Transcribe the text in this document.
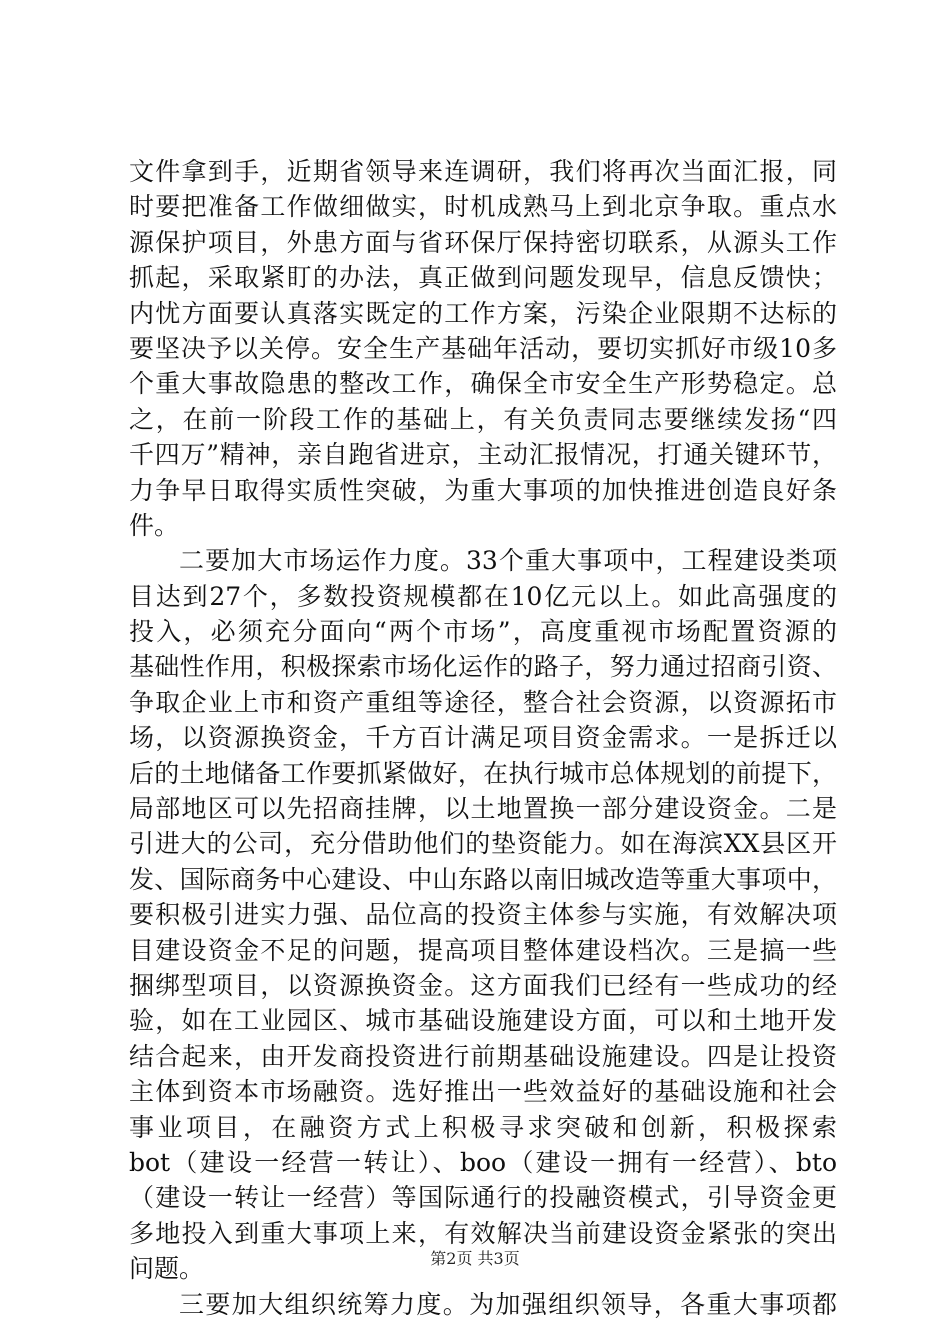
文件拿到手，近期省领导来连调研，我们将再次当面汇报，同
时要把准备工作做细做实，时机成熟马上到北京争取。重点水
源保护项目，外患方面与省环保厅保持密切联系，从源头工作
抓起，采取紧盯的办法，真正做到问题发现早，信息反馈快；
内忧方面要认真落实既定的工作方案，污染企业限期不达标的
要坚决予以关停。安全生产基础年活动，要切实抓好市级10多
个重大事故隐患的整改工作，确保全市安全生产形势稳定。总
之，在前一阶段工作的基础上，有关负责同志要继续发扬“四
千四万”精神，亲自跑省进京，主动汇报情况，打通关键环节，
力争早日取得实质性突破，为重大事项的加快推进创造良好条
件。
二要加大市场运作力度。33个重大事项中，工程建设类项
目达到27个，多数投资规模都在10亿元以上。如此高强度的
投入，必须充分面向“两个市场”，高度重视市场配置资源的
基础性作用，积极探索市场化运作的路子，努力通过招商引资、
争取企业上市和资产重组等途径，整合社会资源，以资源拓市
场，以资源换资金，千方百计满足项目资金需求。一是拆迁以
后的土地储备工作要抓紧做好，在执行城市总体规划的前提下，
局部地区可以先招商挂牌，以土地置换一部分建设资金。二是
引进大的公司，充分借助他们的垫资能力。如在海滨XX县区开
发、国际商务中心建设、中山东路以南旧城改造等重大事项中，
要积极引进实力强、品位高的投资主体参与实施，有效解决项
目建设资金不足的问题，提高项目整体建设档次。三是搞一些
捆绑型项目，以资源换资金。这方面我们已经有一些成功的经
验，如在工业园区、城市基础设施建设方面，可以和土地开发
结合起来，由开发商投资进行前期基础设施建设。四是让投资
主体到资本市场融资。选好推出一些效益好的基础设施和社会
事业项目，在融资方式上积极寻求突破和创新，积极探索
bot（建设一经营一转让）、boo（建设一拥有一经营）、bto
（建设一转让一经营）等国际通行的投融资模式，引导资金更
多地投入到重大事项上来，有效解决当前建设资金紧张的突出
问题。
三要加大组织统筹力度。为加强组织领导，各重大事项都
第2页 共3页
